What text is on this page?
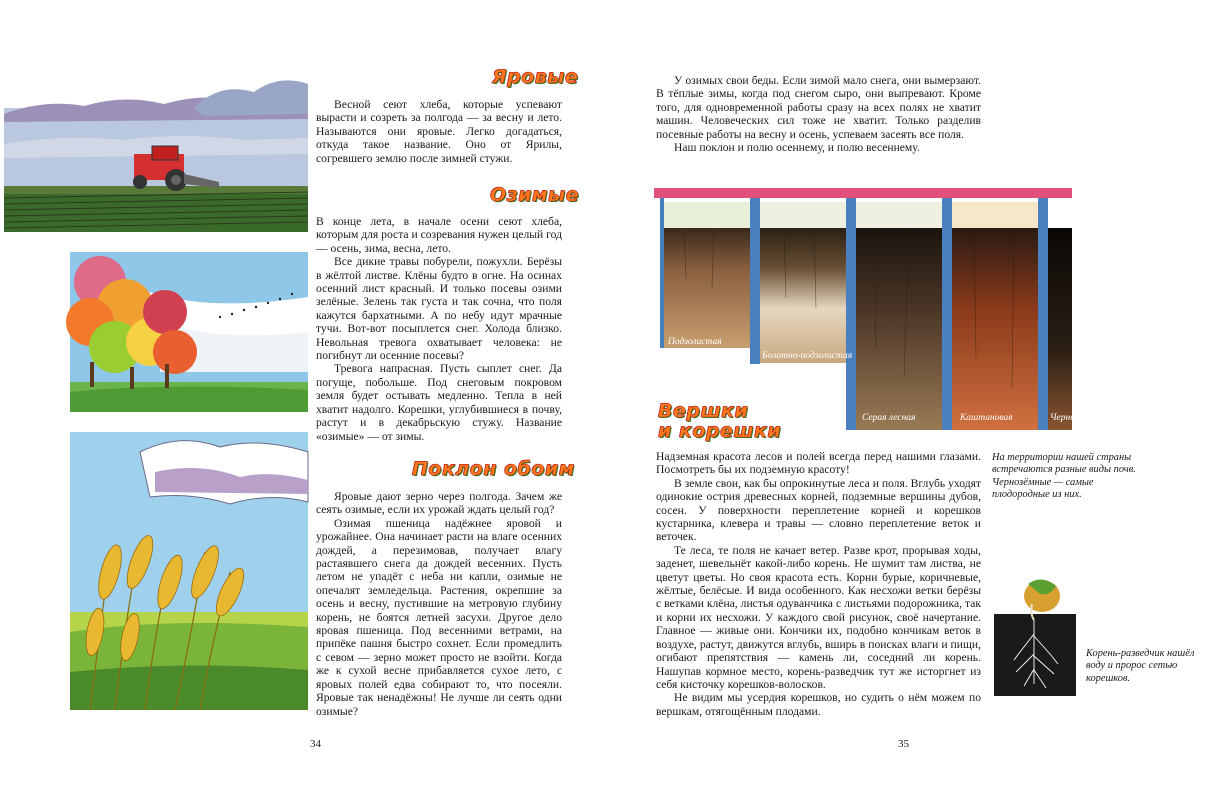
Яровые

Весной сеют хлеба, которые успевают вырасти и созреть за полгода — за весну и лето. Называются они яровые. Легко догадаться, откуда такое название. Оно от Ярилы, согревшего землю после зимней стужи.

Озимые

В конце лета, в начале осени сеют хлеба, которым для роста и созревания нужен целый год — осень, зима, весна, лето.

Все дикие травы побурели, пожухли. Берёзы в жёлтой листве. Клёны будто в огне. На осинах осенний лист красный. И только посевы озими зелёные. Зелень так густа и так сочна, что поля кажутся бархатными. А по небу идут мрачные тучи. Вот-вот посыплется снег. Холода близко. Невольная тревога охватывает человека: не погибнут ли осенние посевы?

Тревога напрасная. Пусть сыплет снег. Да погуще, побольше. Под снеговым покровом земля будет остывать медленно. Тепла в ней хватит надолго. Корешки, углубившиеся в почву, растут и в декабрьскую стужу. Название «озимые» — от зимы.

Поклон обоим

Яровые дают зерно через полгода. Зачем же сеять озимые, если их урожай ждать целый год?

Озимая пшеница надёжнее яровой и урожайнее. Она начинает расти на влаге осенних дождей, а перезимовав, получает влагу растаявшего снега да дождей весенних. Пусть летом не упадёт с неба ни капли, озимые не опечалят земледельца. Растения, окрепшие за осень и весну, пустившие на метровую глубину корень, не боятся летней засухи. Другое дело яровая пшеница. Под весенними ветрами, на припёке пашня быстро сохнет. Если промедлить с севом — зерно может просто не взойти. Когда же к сухой весне прибавляется сухое лето, с яровых полей едва собирают то, что посеяли. Яровые так ненадёжны! Не лучше ли сеять одни озимые?

34

У озимых свои беды. Если зимой мало снега, они вымерзают. В тёплые зимы, когда под снегом сыро, они выпревают. Кроме того, для одновременной работы сразу на всех полях не хватит машин. Человеческих сил тоже не хватит. Только разделив посевные работы на весну и осень, успеваем засеять все поля.

Наш поклон и полю осеннему, и полю весеннему.

Подзолистая
Болотно-подзолистая
Серая лесная	Каштановая	Чернозём
Вершки
и корешки

Надземная красота лесов и полей всегда перед нашими глазами. Посмотреть бы их подземную красоту!

В земле свои, как бы опрокинутые леса и поля. Вглубь уходят одинокие острия древесных корней, подземные вершины дубов, сосен. У поверхности переплетение корней и корешков кустарника, клевера и травы — словно переплетение веток и веточек.

Те леса, те поля не качает ветер. Разве крот, прорывая ходы, заденет, шевельнёт какой-либо корень. Не шумит там листва, не цветут цветы. Но своя красота есть. Корни бурые, коричневые, жёлтые, белёсые. И вида особенного. Как несхожи ветки берёзы с ветками клёна, листья одуванчика с листьями подорожника, так и корни их несхожи. У каждого свой рисунок, своё начертание. Главное — живые они. Кончики их, подобно кончикам веток в воздухе, растут, движутся вглубь, вширь в поисках влаги и пищи, огибают препятствия — камень ли, соседний ли корень. Нашупав кормное место, корень-разведчик тут же исторгнет из себя кисточку корешков-волосков.

Не видим мы усердия корешков, но судить о нём можем по вершкам, отягощённым плодами.

На территории нашей страны встречаются разные виды почв. Чернозёмные — самые плодородные из них.
Корень-разведчик нашёл воду и пророс сетью корешков.
35
